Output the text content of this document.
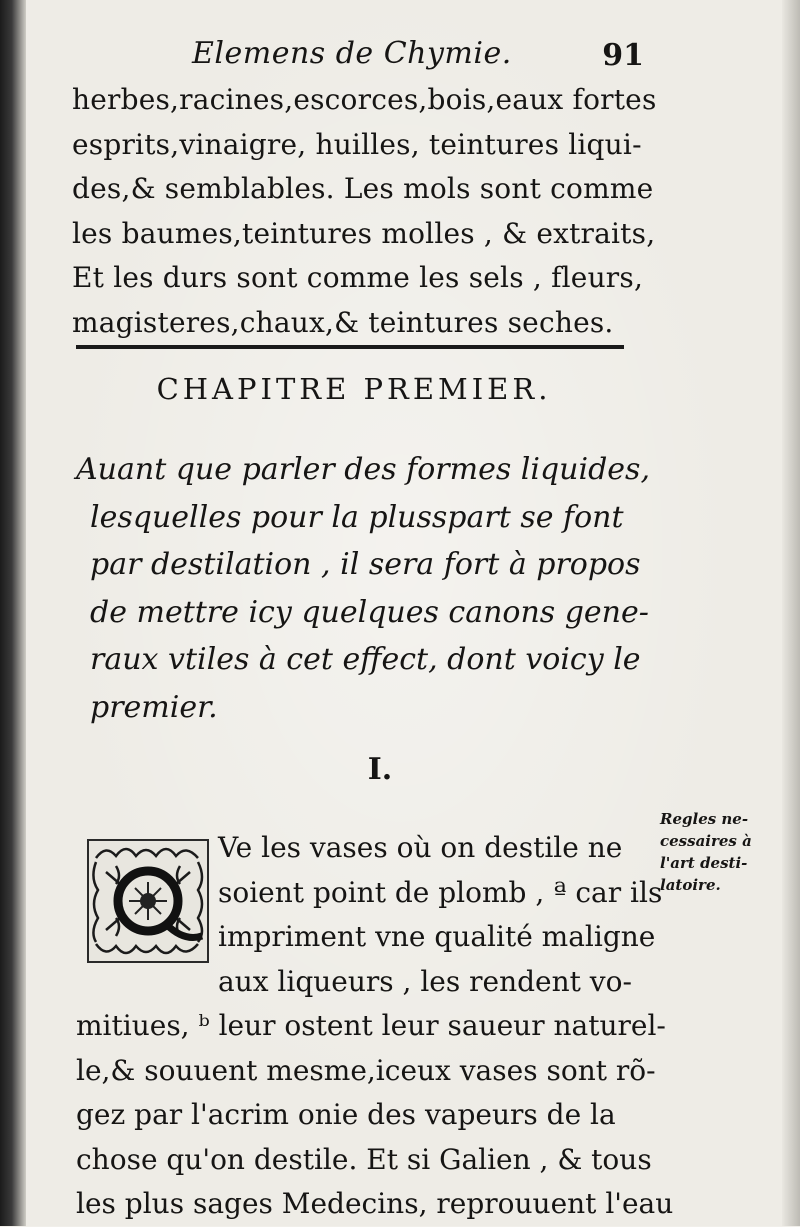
Elemens de Chymie.	91
herbes,racines,escorces,bois,eaux fortes
esprits,vinaigre, huilles, teintures liqui-
des,& semblables. Les mols sont comme
les baumes,teintures molles , & extraits,
Et les durs sont comme les sels , fleurs,
magisteres,chaux,& teintures seches.
CHAPITRE PREMIER.
Auant que parler des formes liquides,
lesquelles pour la plusspart se font
par destilation , il sera fort à propos
de mettre icy quelques canons gene-
raux vtiles à cet effect, dont voicy le
premier.
I.
Regles ne-
cessaires à
l'art desti-
latoire.
Q
Ve les vases où on destile ne
soient point de plomb , ª car ils
impriment vne qualité maligne
aux liqueurs , les rendent vo-
mitiues, ᵇ leur ostent leur saueur naturel-
le,& souuent mesme,iceux vases sont rõ-
gez par l'acrim onie des vapeurs de la
chose qu'on destile. Et si Galien , & tous
les plus sages Medecins, reprouuent l'eau
